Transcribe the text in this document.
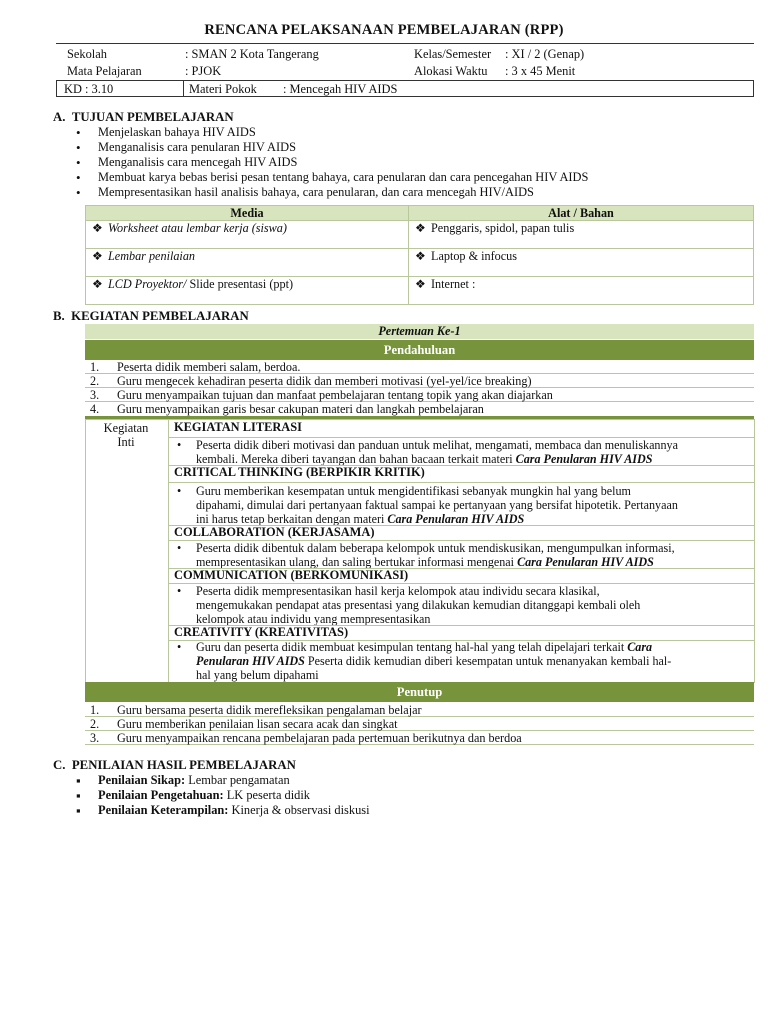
RENCANA PELAKSANAAN PEMBELAJARAN (RPP)
Sekolah	: SMAN 2 Kota Tangerang	Kelas/Semester : XI / 2 (Genap)
Mata Pelajaran	: PJOK	Alokasi Waktu : 3 x 45 Menit
KD : 3.10	Materi Pokok : Mencegah HIV AIDS
A.  TUJUAN PEMBELAJARAN
• Menjelaskan bahaya HIV AIDS
• Menganalisis cara penularan HIV AIDS
• Menganalisis cara mencegah HIV AIDS
• Membuat karya bebas berisi pesan tentang bahaya, cara penularan dan cara pencegahan HIV AIDS
• Mempresentasikan hasil analisis bahaya, cara penularan, dan cara mencegah HIV/AIDS
Media	Alat / Bahan
❖ Worksheet atau lembar kerja (siswa)	❖ Penggaris, spidol, papan tulis
❖ Lembar penilaian	❖ Laptop & infocus
❖ LCD Proyektor/ Slide presentasi (ppt)	❖ Internet :
B.  KEGIATAN PEMBELAJARAN
Pertemuan Ke-1
Pendahuluan
1. Peserta didik memberi salam, berdoa.
2. Guru mengecek kehadiran peserta didik dan memberi motivasi (yel-yel/ice breaking)
3. Guru menyampaikan tujuan dan manfaat pembelajaran tentang topik yang akan diajarkan
4. Guru menyampaikan garis besar cakupan materi dan langkah pembelajaran
Kegiatan
Inti
KEGIATAN LITERASI
• Peserta didik diberi motivasi dan panduan untuk melihat, mengamati, membaca dan menuliskannya
kembali. Mereka diberi tayangan dan bahan bacaan terkait materi Cara Penularan HIV AIDS
CRITICAL THINKING (BERPIKIR KRITIK)
• Guru memberikan kesempatan untuk mengidentifikasi sebanyak mungkin hal yang belum
dipahami, dimulai dari pertanyaan faktual sampai ke pertanyaan yang bersifat hipotetik. Pertanyaan
ini harus tetap berkaitan dengan materi Cara Penularan HIV AIDS
COLLABORATION (KERJASAMA)
• Peserta didik dibentuk dalam beberapa kelompok untuk mendiskusikan, mengumpulkan informasi,
mempresentasikan ulang, dan saling bertukar informasi mengenai Cara Penularan HIV AIDS
COMMUNICATION (BERKOMUNIKASI)
• Peserta didik mempresentasikan hasil kerja kelompok atau individu secara klasikal,
mengemukakan pendapat atas presentasi yang dilakukan kemudian ditanggapi kembali oleh
kelompok atau individu yang mempresentasikan
CREATIVITY (KREATIVITAS)
• Guru dan peserta didik membuat kesimpulan tentang hal-hal yang telah dipelajari terkait Cara
Penularan HIV AIDS Peserta didik kemudian diberi kesempatan untuk menanyakan kembali hal-
hal yang belum dipahami
Penutup
1. Guru bersama peserta didik merefleksikan pengalaman belajar
2. Guru memberikan penilaian lisan secara acak dan singkat
3. Guru menyampaikan rencana pembelajaran pada pertemuan berikutnya dan berdoa
C.  PENILAIAN HASIL PEMBELAJARAN
▪ Penilaian Sikap: Lembar pengamatan
▪ Penilaian Pengetahuan: LK peserta didik
▪ Penilaian Keterampilan: Kinerja & observasi diskusi
